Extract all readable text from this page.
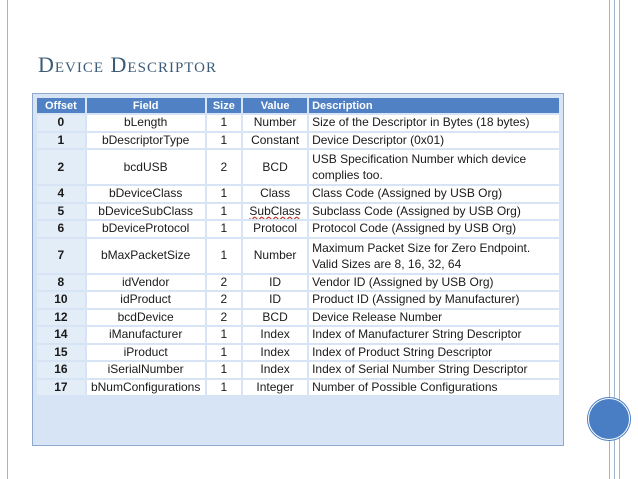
Device Descriptor
Offset	Field	Size	Value	Description
0	bLength	1	Number	Size of the Descriptor in Bytes (18 bytes)
1	bDescriptorType	1	Constant	Device Descriptor (0x01)
2	bcdUSB	2	BCD	USB Specification Number which device complies too.
4	bDeviceClass	1	Class	Class Code (Assigned by USB Org)
5	bDeviceSubClass	1	SubClass	Subclass Code (Assigned by USB Org)
6	bDeviceProtocol	1	Protocol	Protocol Code (Assigned by USB Org)
7	bMaxPacketSize	1	Number	Maximum Packet Size for Zero Endpoint. Valid Sizes are 8, 16, 32, 64
8	idVendor	2	ID	Vendor ID (Assigned by USB Org)
10	idProduct	2	ID	Product ID (Assigned by Manufacturer)
12	bcdDevice	2	BCD	Device Release Number
14	iManufacturer	1	Index	Index of Manufacturer String Descriptor
15	iProduct	1	Index	Index of Product String Descriptor
16	iSerialNumber	1	Index	Index of Serial Number String Descriptor
17	bNumConfigurations	1	Integer	Number of Possible Configurations
